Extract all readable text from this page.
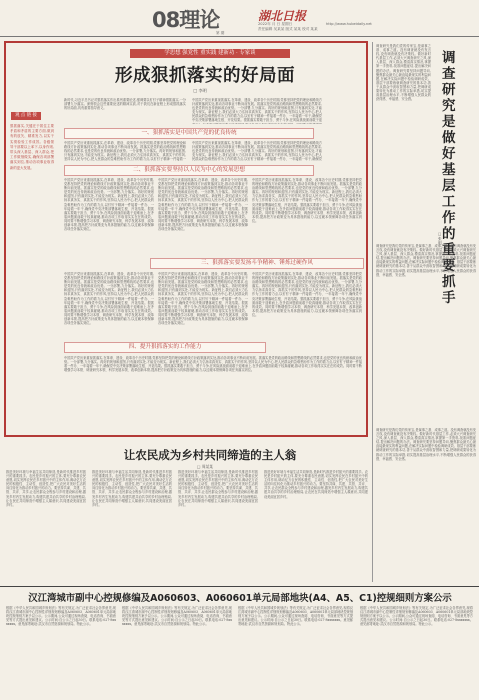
08理论	湖北日报
2022年 月 日 星期日
责任编辑 吴某某 版式 某某 校对 某某
http://www.hubeidaily.net
第 期
学思想 强党性 重实践 建新功 · 专家谈
形成狠抓落实的好局面
□ 李明
新时代,习近平总书记对狠抓落实作出系列重要论述,强调要以钉钉子精神狠抓落实,一分部署九分落实。深刻领会这些重要论述的精神实质,对于我们在新征程上形成狠抓落实的好局面,具有重要指导意义。
中国共产党历来重视抓落实,在革命、建设、改革各个历史时期,党都坚持把党的理论和路线方针政策落到实处,推动各项事业不断向前发展。抓落实是党的政治路线和思想路线的必然要求,也是党的优良传统和政治优势。一分部署,九分落实。再好的规划和蓝图,只有落到实处,才能变为现实。新征程上,我们必须大力弘扬求真务实、真抓实干的作风,坚持以人民为中心,把人民群众的急难愁盼作为工作的着力点,以钉钉子精神一件接着一件办、一年接着一年干,确保党中央决策部署落地生根、开花结果。狠抓落实要敢于担当、勇于斗争,在风险挑战面前敢于迎
观 点 链 接
狠抓落实,关键在于抓住主要矛盾和矛盾的主要方面,做到有的放矢、精准发力,以实干实绩检验工作成效。各级领导干部要以上率下,以身作则,带头深入基层、深入群众,把工作做细做实,确保各项部署落实到位,推动各项事业取得新的更大发展。
一、狠抓落实是中国共产党的优良传统
中国共产党历来重视抓落实,在革命、建设、改革各个历史时期,党都坚持把党的理论和路线方针政策落到实处,推动各项事业不断向前发展。抓落实是党的政治路线和思想路线的必然要求,也是党的优良传统和政治优势。一分部署,九分落实。再好的规划和蓝图,只有落到实处,才能变为现实。新征程上,我们必须大力弘扬求真务实、真抓实干的作风,坚持以人民为中心,把人民群众的急难愁盼作为工作的着力点,以钉钉子精神一件接着一
中国共产党历来重视抓落实,在革命、建设、改革各个历史时期,党都坚持把党的理论和路线方针政策落到实处,推动各项事业不断向前发展。抓落实是党的政治路线和思想路线的必然要求,也是党的优良传统和政治优势。一分部署,九分落实。再好的规划和蓝图,只有落到实处,才能变为现实。新征程上,我们必须大力弘扬求真务实、真抓实干的作风,坚持以人民为中心,把人民群众的急难愁盼作为工作的着力点,以钉钉子精神一件接着一件办、一年接着一年干,确保党
二、狠抓落实要坚持以人民为中心的发展思想
中国共产党历来重视抓落实,在革命、建设、改革各个历史时期,党都坚持把党的理论和路线方针政策落到实处,推动各项事业不断向前发展。抓落实是党的政治路线和思想路线的必然要求,也是党的优良传统和政治优势。一分部署,九分落实。再好的规划和蓝图,只有落到实处,才能变为现实。新征程上,我们必须大力弘扬求真务实、真抓实干的作风,坚持以人民为中心,把人民群众的急难愁盼作为工作的着力点,以钉钉子精神一件接着一件办、一年接着一年干,确保党中央决策部署落地生根、开花结果。狠抓落实要敢于担当、勇于斗争,在风险挑战面前敢于迎难而上,在矛盾问题面前敢于较真碰硬,推动各项工作取得实实在在的成效。同时要不断增强学习本领、调查研究本领、科学发展本领、改革创新本领,提高把方针政策变为具体措施的能力,以过硬本领保障各项任务落实到位。
中国共产党历来重视抓落实,在革命、建设、改革各个历史时期,党都坚持把党的理论和路线方针政策落到实处,推动各项事业不断向前发展。抓落实是党的政治路线和思想路线的必然要求,也是党的优良传统和政治优势。一分部署,九分落实。再好的规划和蓝图,只有落到实处,才能变为现实。新征程上,我们必须大力弘扬求真务实、真抓实干的作风,坚持以人民为中心,把人民群众的急难愁盼作为工作的着力点,以钉钉子精神一件接着一件办、一年接着一年干,确保党中央决策部署落地生根、开花结果。狠抓落实要敢于担当、勇于斗争,在风险挑战面前敢于迎难而上,在矛盾问题面前敢于较真碰硬,推动各项工作取得实实在在的成效。同时要不断增强学习本领、调查研究本领、科学发展本领、改革创新本领,提高把方针政策变为具体措施的能力,以过硬本领保障各项任务落实到位。
中国共产党历来重视抓落实,在革命、建设、改革各个历史时期,党都坚持把党的理论和路线方针政策落到实处,推动各项事业不断向前发展。抓落实是党的政治路线和思想路线的必然要求,也是党的优良传统和政治优势。一分部署,九分落实。再好的规划和蓝图,只有落到实处,才能变为现实。新征程上,我们必须大力弘扬求真务实、真抓实干的作风,坚持以人民为中心,把人民群众的急难愁盼作为工作的着力点,以钉钉子精神一件接着一件办、一年接着一年干,确保党中央决策部署落地生根、开花结果。狠抓落实要敢于担当、勇于斗争,在风险挑战面前敢于迎难而上,在矛盾问题面前敢于较真碰硬,推动各项工作取得实实在在的成效。同时要不断增强学习本领、调查研究本领、科学发展本领、改革创新本领,提高把方针政策变为具体措施的能力,以过硬本领保障各项任务落实到位。
三、狠抓落实要发扬斗争精神、锤炼过硬作风
中国共产党历来重视抓落实,在革命、建设、改革各个历史时期,党都坚持把党的理论和路线方针政策落到实处,推动各项事业不断向前发展。抓落实是党的政治路线和思想路线的必然要求,也是党的优良传统和政治优势。一分部署,九分落实。再好的规划和蓝图,只有落到实处,才能变为现实。新征程上,我们必须大力弘扬求真务实、真抓实干的作风,坚持以人民为中心,把人民群众的急难愁盼作为工作的着力点,以钉钉子精神一件接着一件办、一年接着一年干,确保党中央决策部署落地生根、开花结果。狠抓落实要敢于担当、勇于斗争,在风险挑战面前敢于迎难而上,在矛盾问题面前敢于较真碰硬,推动各项工作取得实实在在的成效。同时要不断增强学习本领、调查研究本领、科学发展本领、改革创新本领,提高把方针政策变为具体措施的能力,以过硬本领保障各项任务落实到位。
中国共产党历来重视抓落实,在革命、建设、改革各个历史时期,党都坚持把党的理论和路线方针政策落到实处,推动各项事业不断向前发展。抓落实是党的政治路线和思想路线的必然要求,也是党的优良传统和政治优势。一分部署,九分落实。再好的规划和蓝图,只有落到实处,才能变为现实。新征程上,我们必须大力弘扬求真务实、真抓实干的作风,坚持以人民为中心,把人民群众的急难愁盼作为工作的着力点,以钉钉子精神一件接着一件办、一年接着一年干,确保党中央决策部署落地生根、开花结果。狠抓落实要敢于担当、勇于斗争,在风险挑战面前敢于迎难而上,在矛盾问题面前敢于较真碰硬,推动各项工作取得实实在在的成效。同时要不断增强学习本领、调查研究本领、科学发展本领、改革创新本领,提高把方针政策变为具体措施的能力,以过硬本领保障各项任务落实到位。
中国共产党历来重视抓落实,在革命、建设、改革各个历史时期,党都坚持把党的理论和路线方针政策落到实处,推动各项事业不断向前发展。抓落实是党的政治路线和思想路线的必然要求,也是党的优良传统和政治优势。一分部署,九分落实。再好的规划和蓝图,只有落到实处,才能变为现实。新征程上,我们必须大力弘扬求真务实、真抓实干的作风,坚持以人民为中心,把人民群众的急难愁盼作为工作的着力点,以钉钉子精神一件接着一件办、一年接着一年干,确保党中央决策部署落地生根、开花结果。狠抓落实要敢于担当、勇于斗争,在风险挑战面前敢于迎难而上,在矛盾问题面前敢于较真碰硬,推动各项工作取得实实在在的成效。同时要不断增强学习本领、调查研究本领、科学发展本领、改革创新本领,提高把方针政策变为具体措施的能力,以过硬本领保障各项任务落实到位。
四、提升狠抓落实的工作能力
中国共产党历来重视抓落实,在革命、建设、改革各个历史时期,党都坚持把党的理论和路线方针政策落到实处,推动各项事业不断向前发展。抓落实是党的政治路线和思想路线的必然要求,也是党的优良传统和政治优势。一分部署,九分落实。再好的规划和蓝图,只有落到实处,才能变为现实。新征程上,我们必须大力弘扬求真务实、真抓实干的作风,坚持以人民为中心,把人民群众的急难愁盼作为工作的着力点,以钉钉子精神一件接着一件办、一年接着一年干,确保党中央决策部署落地生根、开花结果。狠抓落实要敢于担当、勇于斗争,在风险挑战面前敢于迎难而上,在矛盾问题面前敢于较真碰硬,推动各项工作取得实实在在的成效。同时要不断增强学习本领、调查研究本领、科学发展本领、改革创新本领,提高把方针政策变为具体措施的能力,以过硬本领保障各项任务落实到位。
调查研究是我们党的传家宝,是谋事之基、成事之道。没有调查就没有发言权,没有调查就没有决策权。做好新时代基层工作,必须大兴调查研究之风,深入基层、深入群众,摸清真实情况,掌握第一手资料,找准问题症结,提出解决问题的办法。调查研究要坚持问题导向,聚焦群众最关心最直接最现实的利益问题,在解决实际问题中检验调研成效。基层干部要练就调查研究的基本功,善于从群众中汲取智慧和力量,把调研成果转化为推动工作的实际举措,切实提高基层治理水平,不断增强人民群众的获得感、幸福感、安全感。
调查研究是做好基层工作的重要抓手
□ 张明
调查研究是我们党的传家宝,是谋事之基、成事之道。没有调查就没有发言权,没有调查就没有决策权。做好新时代基层工作,必须大兴调查研究之风,深入基层、深入群众,摸清真实情况,掌握第一手资料,找准问题症结,提出解决问题的办法。调查研究要坚持问题导向,聚焦群众最关心最直接最现实的利益问题,在解决实际问题中检验调研成效。基层干部要练就调查研究的基本功,善于从群众中汲取智慧和力量,把调研成果转化为推动工作的实际举措,切实提高基层治理水平,不断增强人民群众的获得感、幸福感、安全感。
调查研究是我们党的传家宝,是谋事之基、成事之道。没有调查就没有发言权,没有调查就没有决策权。做好新时代基层工作,必须大兴调查研究之风,深入基层、深入群众,摸清真实情况,掌握第一手资料,找准问题症结,提出解决问题的办法。调查研究要坚持问题导向,聚焦群众最关心最直接最现实的利益问题,在解决实际问题中检验调研成效。基层干部要练就调查研究的基本功,善于从群众中汲取智慧和力量,把调研成果转化为推动工作的实际举措,切实提高基层治理水平,不断增强人民群众的获得感、幸福感、安全感。
让农民成为乡村共同缔造的主人翁
□ 周某某
推进美好环境与幸福生活共同缔造,是新时代推进乡村振兴的重要抓手。农民是乡村振兴的主体,要充分尊重农民意愿,切实发挥农民在乡村振兴中的主体作用,调动亿万农民的积极性、主动性、创造性,把广大农民对美好生活的向往转化为推动乡村振兴的动力。要坚持共谋、共建、共管、共评、共享,让农民群众全程参与乡村建设和治理,激发乡村内生发展动力,构建共建共治共享的乡村治理格局,让农民在共同缔造中增强主人翁意识,共同建设美丽宜居乡村。
推进美好环境与幸福生活共同缔造,是新时代推进乡村振兴的重要抓手。农民是乡村振兴的主体,要充分尊重农民意愿,切实发挥农民在乡村振兴中的主体作用,调动亿万农民的积极性、主动性、创造性,把广大农民对美好生活的向往转化为推动乡村振兴的动力。要坚持共谋、共建、共管、共评、共享,让农民群众全程参与乡村建设和治理,激发乡村内生发展动力,构建共建共治共享的乡村治理格局,让农民在共同缔造中增强主人翁意识,共同建设美丽宜居乡村。
推进美好环境与幸福生活共同缔造,是新时代推进乡村振兴的重要抓手。农民是乡村振兴的主体,要充分尊重农民意愿,切实发挥农民在乡村振兴中的主体作用,调动亿万农民的积极性、主动性、创造性,把广大农民对美好生活的向往转化为推动乡村振兴的动力。要坚持共谋、共建、共管、共评、共享,让农民群众全程参与乡村建设和治理,激发乡村内生发展动力,构建共建共治共享的乡村治理格局,让农民在共同缔造中增强主人翁意识,共同建设美丽宜居乡村。
推进美好环境与幸福生活共同缔造,是新时代推进乡村振兴的重要抓手。农民是乡村振兴的主体,要充分尊重农民意愿,切实发挥农民在乡村振兴中的主体作用,调动亿万农民的积极性、主动性、创造性,把广大农民对美好生活的向往转化为推动乡村振兴的动力。要坚持共谋、共建、共管、共评、共享,让农民群众全程参与乡村建设和治理,激发乡村内生发展动力,构建共建共治共享的乡村治理格局,让农民在共同缔造中增强主人翁意识,共同建设美丽宜居乡村。
汉江湾城市副中心控规修编及A060603、A060601单元局部地块(A4、A5、C1)控规细则方案公示
根据《中华人民共和国城乡规划法》等有关规定,为广泛征求社会各界意见,现将汉江湾城市副中心控制性详细规划修编及A060603、A060601单元局部地块控规细则方案予以公示。公示期间,公众可通过现场查阅、电话咨询、书面意见等方式提出意见和建议。公示时间:自公示之日起30日。联系电话:027-8xxxxxxx。意见邮寄地址:武汉市自然资源和规划局。特此公示。
根据《中华人民共和国城乡规划法》等有关规定,为广泛征求社会各界意见,现将汉江湾城市副中心控制性详细规划修编及A060603、A060601单元局部地块控规细则方案予以公示。公示期间,公众可通过现场查阅、电话咨询、书面意见等方式提出意见和建议。公示时间:自公示之日起30日。联系电话:027-8xxxxxxx。意见邮寄地址:武汉市自然资源和规划局。特此公示。
根据《中华人民共和国城乡规划法》等有关规定,为广泛征求社会各界意见,现将汉江湾城市副中心控制性详细规划修编及A060603、A060601单元局部地块控规细则方案予以公示。公示期间,公众可通过现场查阅、电话咨询、书面意见等方式提出意见和建议。公示时间:自公示之日起30日。联系电话:027-8xxxxxxx。意见邮寄地址:武汉市自然资源和规划局。特此公示。
根据《中华人民共和国城乡规划法》等有关规定,为广泛征求社会各界意见,现将汉江湾城市副中心控制性详细规划修编及A060603、A060601单元局部地块控规细则方案予以公示。公示期间,公众可通过现场查阅、电话咨询、书面意见等方式提出意见和建议。公示时间:自公示之日起30日。联系电话:027-8xxxxxxx。意见邮寄地址:武汉市自然资源和规划局。特此公示。
